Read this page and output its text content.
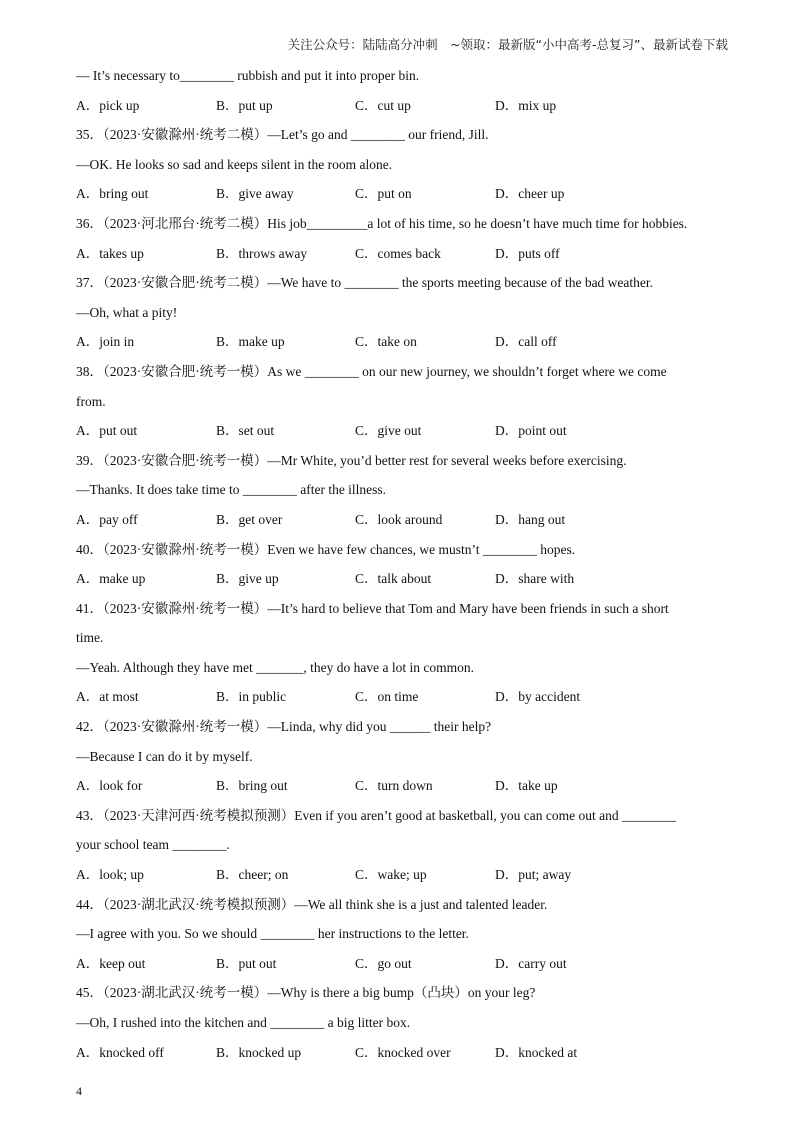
关注公众号：陆陆高分冲刺　~领取：最新版“小中高考-总复习”、最新试卷下载
— It’s necessary to________ rubbish and put it into proper bin.
A．pick up	B．put up	C．cut up	D．mix up
35．（2023·安徽滁州·统考二模）—Let’s go and ________ our friend, Jill.
—OK. He looks so sad and keeps silent in the room alone.
A．bring out	B．give away	C．put on	D．cheer up
36．（2023·河北邢台·统考二模）His job_________a lot of his time, so he doesn’t have much time for hobbies.
A．takes up	B．throws away	C．comes back	D．puts off
37．（2023·安徽合肥·统考二模）—We have to ________ the sports meeting because of the bad weather.
—Oh, what a pity!
A．join in	B．make up	C．take on	D．call off
38．（2023·安徽合肥·统考一模）As we ________ on our new journey, we shouldn’t forget where we come
from.
A．put out	B．set out	C．give out	D．point out
39．（2023·安徽合肥·统考一模）—Mr White, you’d better rest for several weeks before exercising.
—Thanks. It does take time to ________ after the illness.
A．pay off	B．get over	C．look around	D．hang out
40．（2023·安徽滁州·统考一模）Even we have few chances, we mustn’t ________ hopes.
A．make up	B．give up	C．talk about	D．share with
41．（2023·安徽滁州·统考一模）—It’s hard to believe that Tom and Mary have been friends in such a short
time.
—Yeah. Although they have met _______, they do have a lot in common.
A．at most	B．in public	C．on time	D．by accident
42．（2023·安徽滁州·统考一模）—Linda, why did you ______ their help?
—Because I can do it by myself.
A．look for	B．bring out	C．turn down	D．take up
43．（2023·天津河西·统考模拟预测）Even if you aren’t good at basketball, you can come out and ________
your school team ________.
A．look; up	B．cheer; on	C．wake; up	D．put; away
44．（2023·湖北武汉·统考模拟预测）—We all think she is a just and talented leader.
—I agree with you. So we should ________ her instructions to the letter.
A．keep out	B．put out	C．go out	D．carry out
45．（2023·湖北武汉·统考一模）—Why is there a big bump（凸块）on your leg?
—Oh, I rushed into the kitchen and ________ a big litter box.
A．knocked off	B．knocked up	C．knocked over	D．knocked at
4
